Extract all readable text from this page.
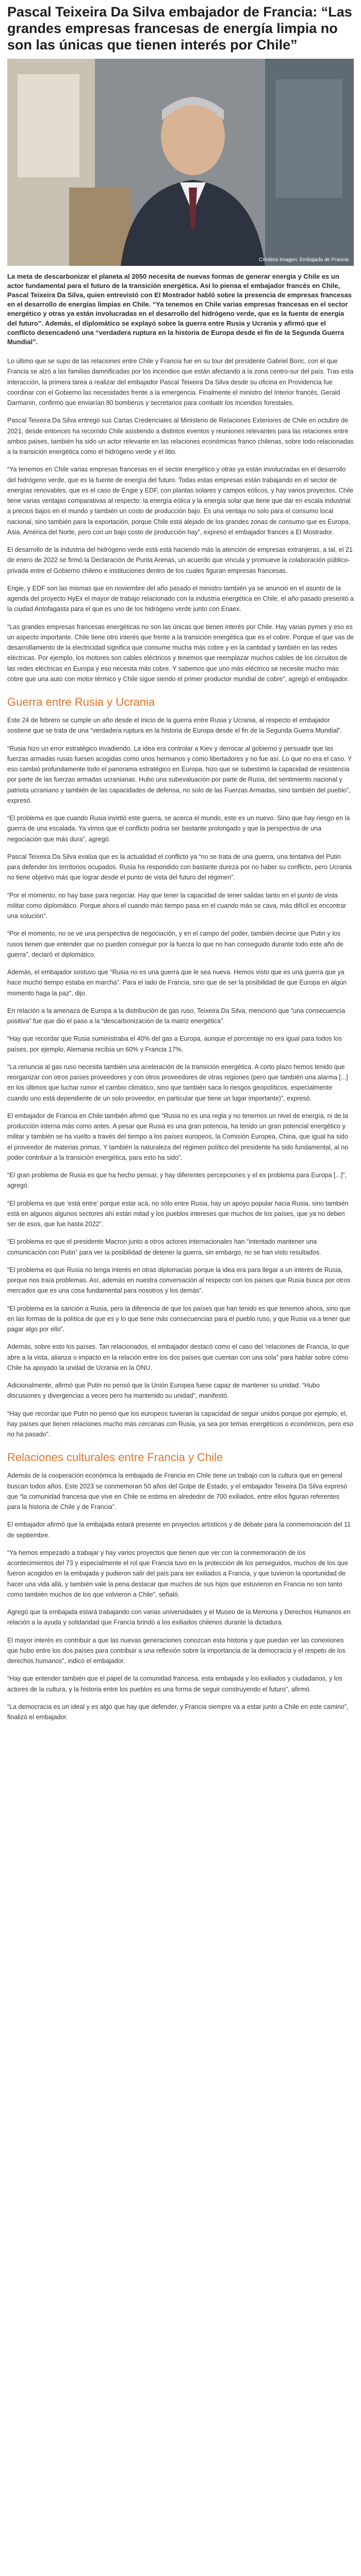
Pascal Teixeira Da Silva embajador de Francia: “Las grandes empresas francesas de energía limpia no son las únicas que tienen interés por Chile”
Créditos Imagen: Embajada de Francia
La meta de descarbonizar el planeta al 2050 necesita de nuevas formas de generar energía y Chile es un actor fundamental para el futuro de la transición energética. Así lo piensa el embajador francés en Chile, Pascal Teixeira Da Silva, quien entrevistó con El Mostrador habló sobre la presencia de empresas francesas en el desarrollo de energías limpias en Chile. “Ya tenemos en Chile varias empresas francesas en el sector energético y otras ya están involucradas en el desarrollo del hidrógeno verde, que es la fuente de energía del futuro”. Además, el diplomático se explayó sobre la guerra entre Rusia y Ucrania y afirmó que el conflicto desencadenó una “verdadera ruptura en la historia de Europa desde el fin de la Segunda Guerra Mundial”.

Lo último que se supo de las relaciones entre Chile y Francia fue en su tour del presidente Gabriel Boric, con el que Francia se alzó a las familias damnificadas por los incendios que están afectando a la zona centro-sur del país. Tras esta interacción, la primera tarea a realizar del embajador Pascal Teixeira Da Silva desde su oficina en Providencia fue coordinar con el Gobierno las necesidades frente a la emergencia. Finalmente el ministro del Interior francés, Gerald Darmanin, confirmó que enviarían 80 bomberos y secretarios para combatir los incendios forestales.

Pascal Teixeira Da Silva entregó sus Cartas Credenciales al Ministerio de Relaciones Exteriores de Chile en octubre de 2021, desde entonces ha recorrido Chile asistiendo a distintos eventos y reuniones relevantes para las relaciones entre ambos países, también ha sido un actor relevante en las relaciones económicas franco chilenas, sobre todo relacionadas a la transición energética como el hidrógeno verde y el litio.

“Ya tenemos en Chile varias empresas francesas en el sector energético y otras ya están involucradas en el desarrollo del hidrógeno verde, que es la fuente de energía del futuro. Todas estas empresas están trabajando en el sector de energías renovables, que es el caso de Engie y EDF, con plantas solares y campos eólicos, y hay varios proyectos. Chile tiene varias ventajas comparativas al respecto: la energía eólica y la energía solar que tiene que dar en escala industrial a precios bajos en el mundo y también un costo de producción bajo. Es una ventaja no solo para el consumo local nacional, sino también para la exportación, porque Chile está alejado de los grandes zonas de consumo que es Europa, Asia, América del Norte, pero con un bajo costo de producción hay”, expresó el embajador francés a El Mostrador.

El desarrollo de la industria del hidrógeno verde está está haciendo más la atención de empresas extranjeras, a tal, el 21 de enero de 2022 se firmó la Declaración de Punta Arenas, un acuerdo que vincula y promueve la colaboración público-privada entre el Gobierno chileno e instituciones dentro de los cuales figuran empresas francesas.

Engie, y EDF son las mismas que en noviembre del año pasado el ministro también ya se anunció en el asunto de la agenda del proyecto HyEx el mayor de trabajo relacionado con la industria energética en Chile, el año pasado presentó a la ciudad Antofagasta para el que es uno de los hidrógeno verde junto con Enaex.

“Las grandes empresas francesas energéticas no son las únicas que tienen interés por Chile. Hay varias pymes y eso es un aspecto importante. Chile tiene otro interés que frente a la transición energética que es el cobre. Porque el que vas de desarrollamiento de la electricidad significa que consume mucha más cobre y en la cantidad y también en las redes eléctricas. Por ejemplo, los motores son cables eléctricos y tenemos que reemplazar muchos cables de los circuitos de las redes eléctricas en Europa y eso necesita más cobre. Y sabemos que uno más eléctrico se necesite mucho más cobre que una auto con motor térmico y Chile sigue siendo el primer productor mundial de cobre”, agregó el embajador.

Guerra entre Rusia y Ucrania

Este 24 de febrero se cumple un año desde el inicio de la guerra entre Rusia y Ucrania, al respecto el embajador sostiene que se trata de una “verdadera ruptura en la historia de Europa desde el fin de la Segunda Guerra Mundial”.

“Rusia hizo un error estratégico invadiendo. La idea era controlar a Kiev y derrocar al gobierno y persuadir que las fuerzas armadas rusas fuesen acogidas como unos hermanos y como libertadores y no fue así. Lo que no era el caso. Y eso cambió profundamente todo el panorama estratégico en Europa, hizo que se subestimó la capacidad de resistencia por parte de las fuerzas armadas ucranianas. Hubo una subevaluación por parte de Rusia, del sentimiento nacional y patriota ucraniano y también de las capacidades de defensa, no solo de las Fuerzas Armadas, sino también del pueblo”, expresó.

“El problema es que cuando Rusia invirtió este guerra, se acerca el mundo, este es un nuevo. Sino que hay riesgo en la guerra de una escalada. Ya vimos que el conflicto podría ser bastante prolongado y que la perspectiva de una negociación que más dura”, agregó.

Pascal Teixeira Da Silva evalúa que es la actualidad el conflicto ya “no se trata de una guerra, una tentativa del Putin para defender los territorios ocupados. Rusia ha respondido con bastante dureza por no haber su conflicto, pero Ucrania no tiene objetivo más que lograr desde el punto de vista del futuro del régimen”.

“Por el momento, no hay base para negociar. Hay que tener la capacidad de tener salidas tanto en el punto de vista militar como diplomático. Porque ahora el cuando más tiempo pasa en el cuando más se cava, más difícil es encontrar una solución”.

“Por el momento, no se ve una perspectiva de negociación, y en el campo del poder, también decirse que Putin y los rusos tienen que entender que no pueden conseguir por la fuerza lo que no han conseguido durante todo este año de guerra”, declaró el diplomático.

Además, el embajador sostuvo que “Rusia no es una guerra que le sea nueva. Hemos visto que es una guerra que ya hace mucho tiempo estaba en marcha”. Para el lado de Francia, sino que de ser la posibilidad de que Europa en algún momento haga la paz”, dijo.

En relación a la amenaza de Europa a la distribución de gas ruso, Teixeira Da Silva, mencionó que “una consecuencia positiva” fue que dio el paso a la “descarbonización de la matriz energética”.

“Hay que recordar que Rusia suministraba el 40% del gas a Europa, aunque el porcentaje no era igual para todos los países, por ejemplo, Alemania recibía un 60% y Francia 17%.

“La renuncia al gas ruso necesita también una aceleración de la transición energética. A corto plazo hemos tenido que reorganizar con otros países proveedores y con otros proveedores de otras regiones (pero que también una alarma [...] en los últimos que luchar rumor el cambio climático, sino que también saca lo riesgos geopolíticos, especialmente cuando uno está dependiente de un solo proveedor, en particular que tiene un lugar importante)”, expresó.

El embajador de Francia en Chile también afirmó que “Rusia no es una regla y no tenemos un nivel de energía, ni de la producción interna más como antes. A pesar que Rusia es una gran potencia, ha tenido un gran potencial energético y militar y también se ha vuelto a través del tiempo a los países europeos, la Comisión Europea, China, que igual ha sido el proveedor de materias primas. Y también la naturaleza del régimen político del presidente ha sido fundamental, al no poder contribuir a la transición energética, para esto ha sido”.

“El gran problema de Rusia es que ha hecho pensar, y hay diferentes percepciones y el es problema para Europa [...]”, agregó.

“El problema es que ‘está entre’ porque estar acá, no sólo entre Rusia, hay un apoyo popular hacia Rusia, sino también está en algunos algunos sectores ahí están mitad y los pueblos intereses que muchos de los países, que ya no deben ser de esos, que fue hasta 2022”.

“El problema es que el presidente Macron junto a otros actores internacionales han “intentado mantener una comunicación con Putin” para ver la posibilidad de detener la guerra, sin embargo, no se han visto resultados.

“El problema es que Rusia no tenga interés en otras diplomacias porque la idea era para llegar a un interés de Rusia, porque nos traía problemas. Así, además en nuestra conversación al respecto con los países que Rusia busca por otros mercados que es una cosa fundamental para nosotros y los demás”.

“El problema es la sanción a Rusia, pero la diferencia de que los países que han tenido es que tenemos ahora, sino que en las formas de la política de que es y lo que tiene más consecuencias para el pueblo ruso, y que Rusia va a tener que pagar algo por ello”.

Además, sobre esto los países. Tan relacionados, el embajador destacó como el caso del ‘relaciones de Francia, lo que abre a la vista, alianza o impacto en la relación entre los dos países que cuentan con una sola” para hablar sobre cómo Chile ha apoyado la unidad de Ucrania en la ONU.

Adicionalmente, afirmó que Putin no pensó que la Unión Europea fuese capaz de mantener su unidad. “Hubo discusiones y divergencias a veces pero ha mantenido su unidad”, manifestó.

“Hay que recordar que Putin no pensó que los europeos tuvieran la capacidad de seguir unidos porque por ejemplo, el, hay países que tienen relaciones mucho más cercanas con Rusia, ya sea por temas energéticos o económicos, pero eso no ha pasado”.

Relaciones culturales entre Francia y Chile

Además de la cooperación económica la embajada de Francia en Chile tiene un trabajo con la cultura que en general buscan todos años. Este 2023 se conmemoran 50 años del Golpe de Estado, y el embajador Teixeira Da Silva expresó que “la comunidad francesa que vive en Chile se estima en alrededor de 700 exiliados, entre ellos figuran referentes para la historia de Chile y de Francia”.

El embajador afirmó que la embajada estará presente en proyectos artísticos y de debate para la conmemoración del 11 de septiembre.

“Ya hemos empezado a trabajar y hay varios proyectos que tienen que ver con la conmemoración de los acontecimientos del 73 y especialmente el rol que Francia tuvo en la protección de los perseguidos, muchos de los que fueron acogidos en la embajada y pudieron salir del país para ser exiliados a Francia, y que tuvieron la oportunidad de hacer una vida allá, y también vale la pena destacar que muchos de sus hijos que estuvieron en Francia no son tanto como también muchos de los que volvieron a Chile”, señaló.

Agregó que la embajada estará trabajando con varias universidades y el Museo de la Memoria y Derechos Humanos en relación a la ayuda y solidaridad que Francia brindó a los exiliados chilenos durante la dictadura.

El mayor interés es contribuir a que las nuevas generaciones conozcan esta historia y que puedan ver las conexiones que hubo entre los dos países para contribuir a una reflexión sobre la importancia de la democracia y el respeto de los derechos humanos”, indicó el embajador.

“Hay que entender también que el papel de la comunidad francesa, esta embajada y los exiliados y ciudadanos, y los actores de la cultura, y la historia entre los pueblos es una forma de seguir construyendo el futuro”, afirmó.

“La democracia es un ideal y es algo que hay que defender, y Francia siempre va a estar junto a Chile en este camino”, finalizó el embajador.
